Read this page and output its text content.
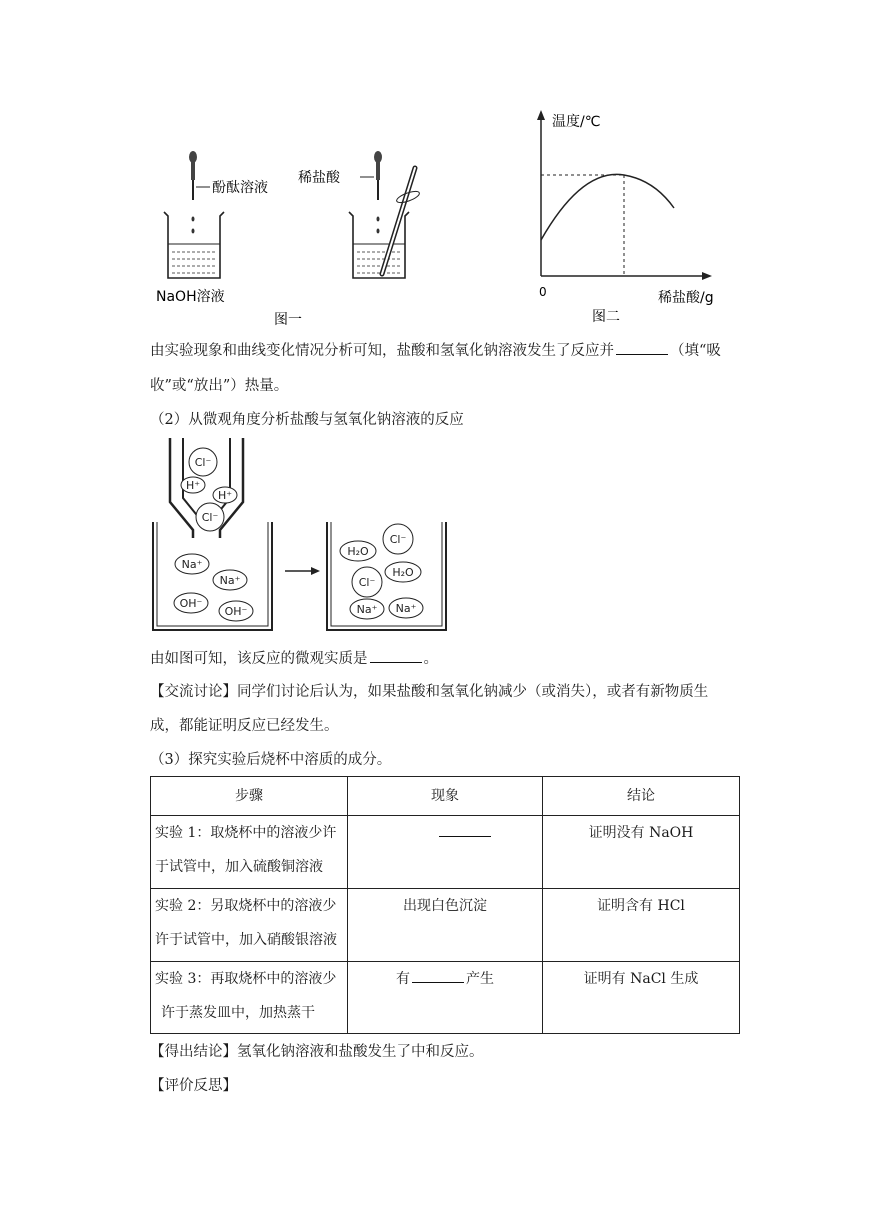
酚酞溶液
NaOH溶液
稀盐酸
图一
温度/℃
0	稀盐酸/g
图二
由实验现象和曲线变化情况分析可知，盐酸和氢氧化钠溶液发生了反应并	（填“吸
收”或“放出”）热量。
（2）从微观角度分析盐酸与氢氧化钠溶液的反应
Cl⁻
H⁺
H⁺
Cl⁻
Na⁺
Na⁺
OH⁻
OH⁻
H₂O
Cl⁻
Cl⁻
H₂O
Na⁺ Na⁺
由如图可知，该反应的微观实质是	。
【交流讨论】同学们讨论后认为，如果盐酸和氢氧化钠减少（或消失），或者有新物质生
成，都能证明反应已经发生。
（3）探究实验后烧杯中溶质的成分。
步骤	现象	结论

实验 1：取烧杯中的溶液少许
于试管中，加入硫酸铜溶液		证明没有 NaOH

实验 2：另取烧杯中的溶液少
许于试管中，加入硝酸银溶液	出现白色沉淀	证明含有 HCl

实验 3：再取烧杯中的溶液少
许于蒸发皿中，加热蒸干	有 产生	证明有 NaCl 生成
【得出结论】氢氧化钠溶液和盐酸发生了中和反应。
【评价反思】
